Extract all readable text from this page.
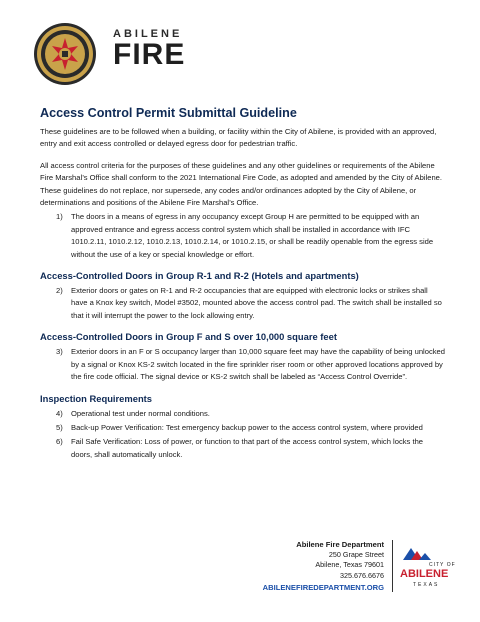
ABILENE
FIRE
Access Control Permit Submittal Guideline

These guidelines are to be followed when a building, or facility within the City of Abilene, is provided with an approved, entry and exit access controlled or delayed egress door for pedestrian traffic.

All access control criteria for the purposes of these guidelines and any other guidelines or requirements of the Abilene Fire Marshal’s Office shall conform to the 2021 International Fire Code, as adopted and amended by the City of Abilene. These guidelines do not replace, nor supersede, any codes and/or ordinances adopted by the City of Abilene, or determinations and positions of the Abilene Fire Marshal’s Office.

1) The doors in a means of egress in any occupancy except Group H are permitted to be equipped with an approved entrance and egress access control system which shall be installed in accordance with IFC 1010.2.11, 1010.2.12, 1010.2.13, 1010.2.14, or 1010.2.15, or shall be readily openable from the egress side without the use of a key or special knowledge or effort.
Access-Controlled Doors in Group R-1 and R-2 (Hotels and apartments)
2) Exterior doors or gates on R-1 and R-2 occupancies that are equipped with electronic locks or strikes shall have a Knox key switch, Model #3502, mounted above the access control pad. The switch shall be installed so that it will interrupt the power to the lock allowing entry.
Access-Controlled Doors in Group F and S over 10,000 square feet
3) Exterior doors in an F or S occupancy larger than 10,000 square feet may have the capability of being unlocked by a signal or Knox KS-2 switch located in the fire sprinkler riser room or other approved locations approved by the fire code official. The signal device or KS-2 switch shall be labeled as “Access Control Override”.
Inspection Requirements
4) Operational test under normal conditions.
5) Back-up Power Verification: Test emergency backup power to the access control system, where provided
6) Fail Safe Verification: Loss of power, or function to that part of the access control system, which locks the doors, shall automatically unlock.
Abilene Fire Department
250 Grape Street
Abilene, Texas 79601
325.676.6676
ABILENEFIREDEPARTMENT.ORG
CITY OF
ABILENE
TEXAS
